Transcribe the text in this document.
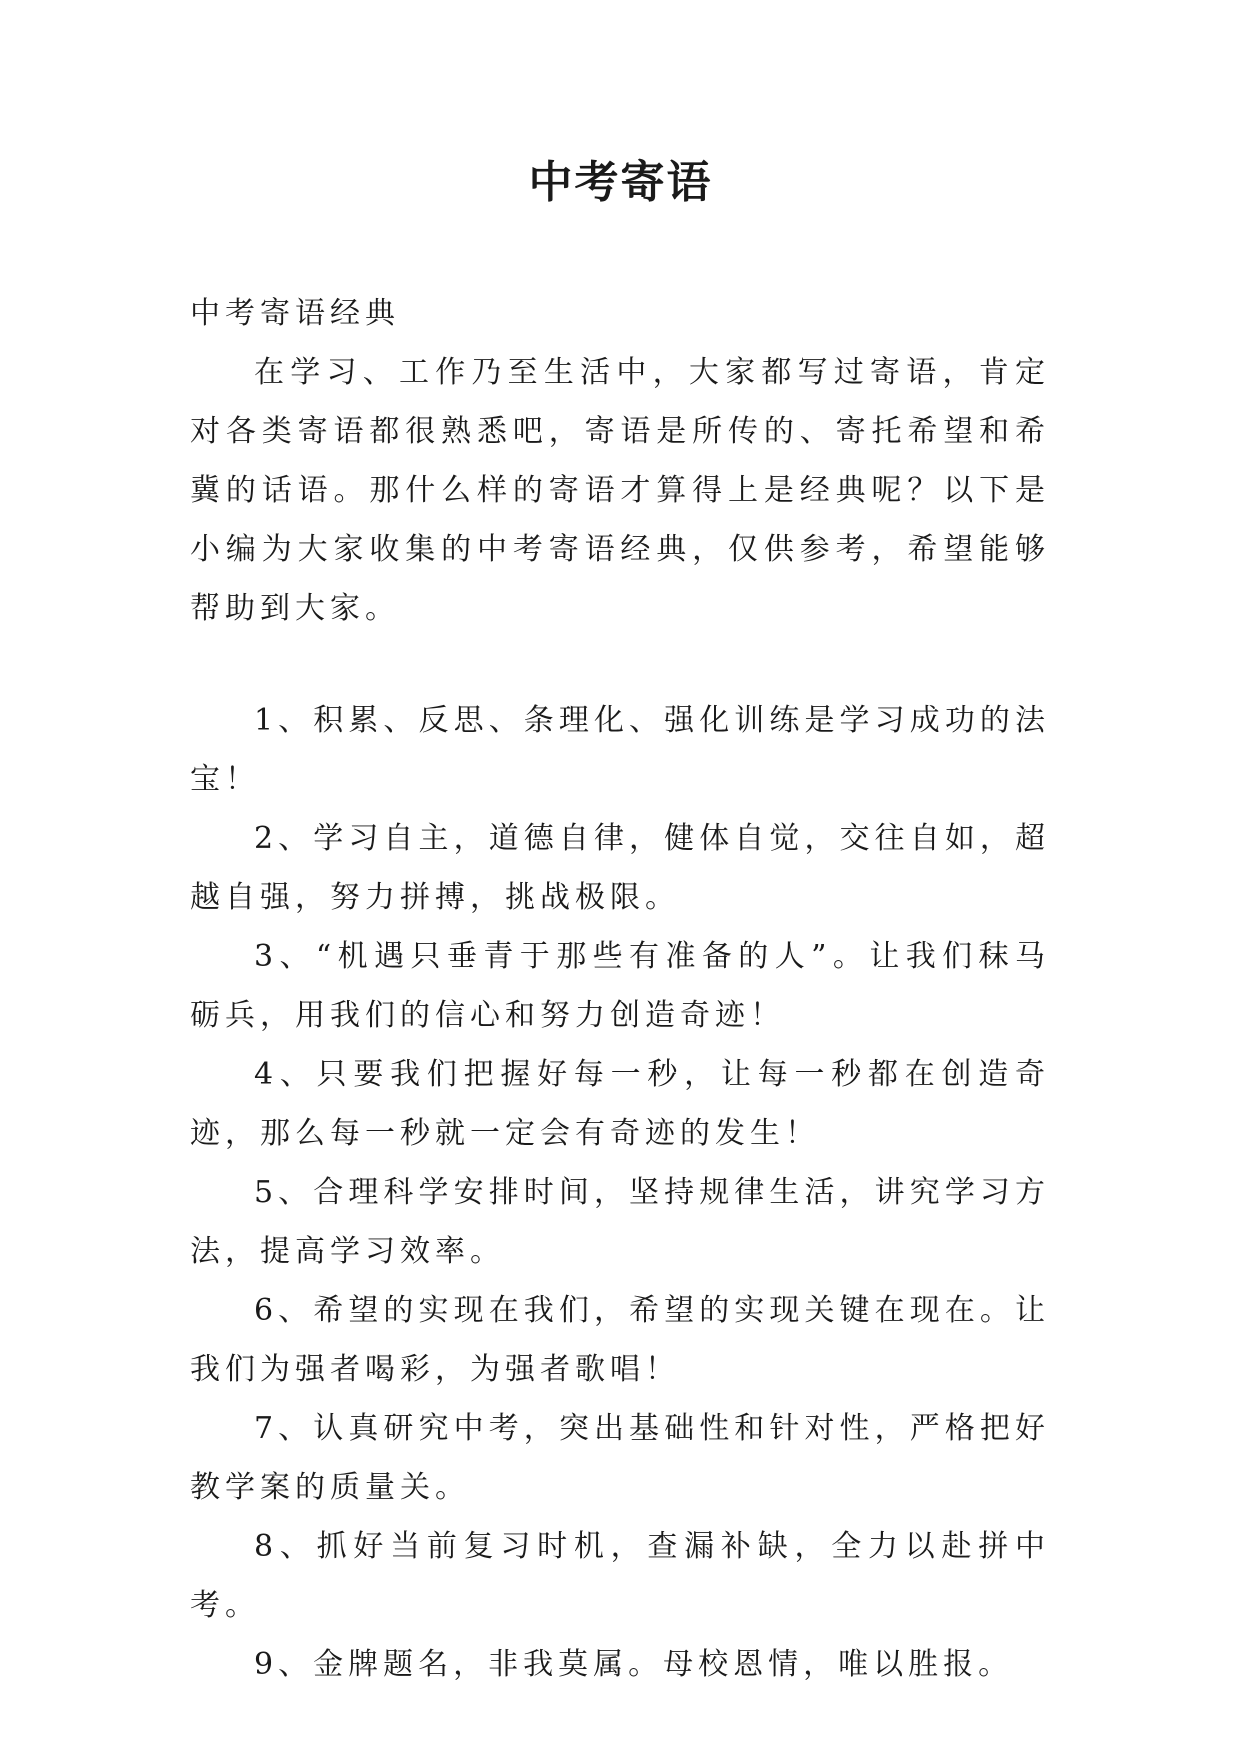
中考寄语

中考寄语经典

在学习、工作乃至生活中，大家都写过寄语，肯定对各类寄语都很熟悉吧，寄语是所传的、寄托希望和希冀的话语。那什么样的寄语才算得上是经典呢？以下是小编为大家收集的中考寄语经典，仅供参考，希望能够帮助到大家。

1、积累、反思、条理化、强化训练是学习成功的法宝！
2、学习自主，道德自律，健体自觉，交往自如，超越自强，努力拼搏，挑战极限。
3、“机遇只垂青于那些有准备的人”。让我们秣马砺兵，用我们的信心和努力创造奇迹！
4、只要我们把握好每一秒，让每一秒都在创造奇迹，那么每一秒就一定会有奇迹的发生！
5、合理科学安排时间，坚持规律生活，讲究学习方法，提高学习效率。
6、希望的实现在我们，希望的实现关键在现在。让我们为强者喝彩，为强者歌唱！
7、认真研究中考，突出基础性和针对性，严格把好教学案的质量关。
8、抓好当前复习时机，查漏补缺，全力以赴拼中考。
9、金牌题名，非我莫属。母校恩情，唯以胜报。
